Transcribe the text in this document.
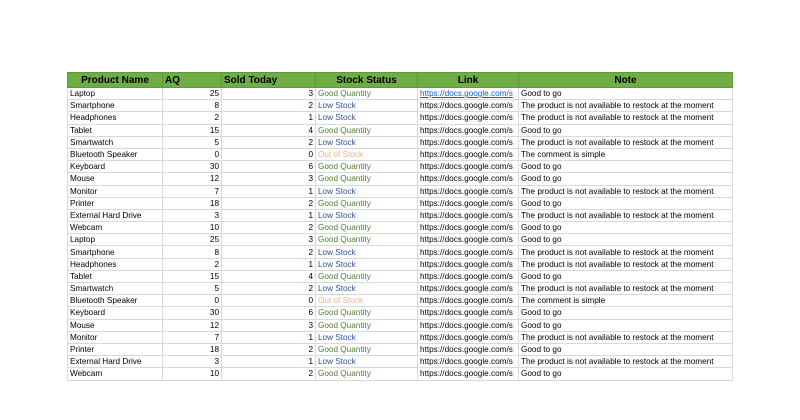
Product Name	AQ	Sold Today	Stock Status	Link	Note
Laptop	25	3	Good Quantity	https://docs.google.com/s	Good to go
Smartphone	8	2	Low Stock	https://docs.google.com/s	The product is not available to restock at the moment
Headphones	2	1	Low Stock	https://docs.google.com/s	The product is not available to restock at the moment
Tablet	15	4	Good Quantity	https://docs.google.com/s	Good to go
Smartwatch	5	2	Low Stock	https://docs.google.com/s	The product is not available to restock at the moment
Bluetooth Speaker	0	0	Out of Stock	https://docs.google.com/s	The comment is simple
Keyboard	30	6	Good Quantity	https://docs.google.com/s	Good to go
Mouse	12	3	Good Quantity	https://docs.google.com/s	Good to go
Monitor	7	1	Low Stock	https://docs.google.com/s	The product is not available to restock at the moment
Printer	18	2	Good Quantity	https://docs.google.com/s	Good to go
External Hard Drive	3	1	Low Stock	https://docs.google.com/s	The product is not available to restock at the moment
Webcam	10	2	Good Quantity	https://docs.google.com/s	Good to go
Laptop	25	3	Good Quantity	https://docs.google.com/s	Good to go
Smartphone	8	2	Low Stock	https://docs.google.com/s	The product is not available to restock at the moment
Headphones	2	1	Low Stock	https://docs.google.com/s	The product is not available to restock at the moment
Tablet	15	4	Good Quantity	https://docs.google.com/s	Good to go
Smartwatch	5	2	Low Stock	https://docs.google.com/s	The product is not available to restock at the moment
Bluetooth Speaker	0	0	Out of Stock	https://docs.google.com/s	The comment is simple
Keyboard	30	6	Good Quantity	https://docs.google.com/s	Good to go
Mouse	12	3	Good Quantity	https://docs.google.com/s	Good to go
Monitor	7	1	Low Stock	https://docs.google.com/s	The product is not available to restock at the moment
Printer	18	2	Good Quantity	https://docs.google.com/s	Good to go
External Hard Drive	3	1	Low Stock	https://docs.google.com/s	The product is not available to restock at the moment
Webcam	10	2	Good Quantity	https://docs.google.com/s	Good to go
